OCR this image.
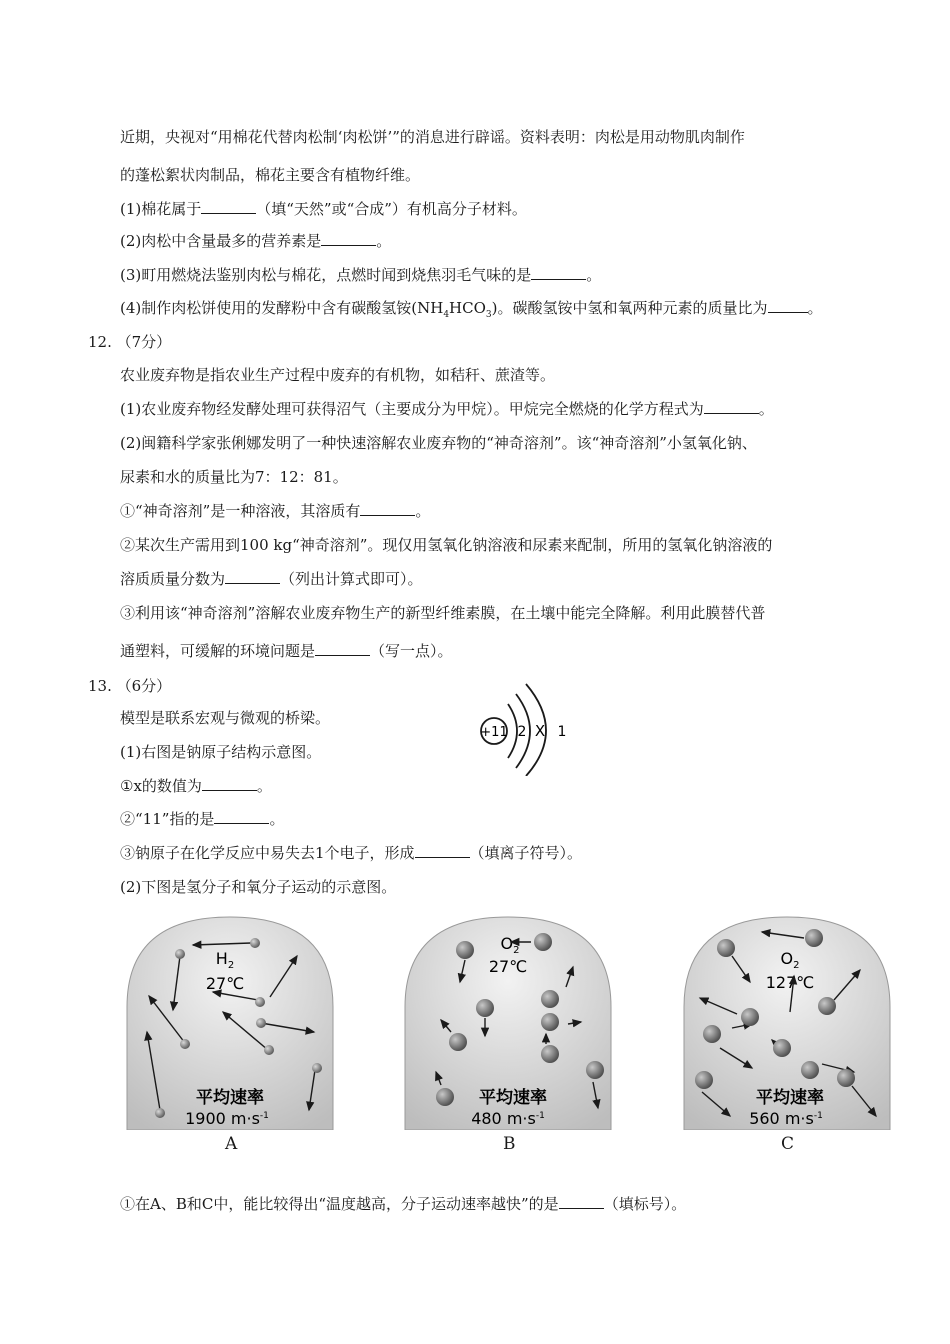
近期，央视对“用棉花代替肉松制‘肉松饼’”的消息进行辟谣。资料表明：肉松是用动物肌肉制作
的蓬松絮状肉制品，棉花主要含有植物纤维。
(1)棉花属于	（填“天然”或“合成”）有机高分子材料。
(2)肉松中含量最多的营养素是	。
(3)町用燃烧法鉴别肉松与棉花，点燃时闻到烧焦羽毛气味的是	。
(4)制作肉松饼使用的发酵粉中含有碳酸氢铵$(NH_4HCO_3)$。碳酸氢铵中氢和氧两种元素的质量比为	。
12. （7分）
农业废弃物是指农业生产过程中废弃的有机物，如秸秆、蔗渣等。
(1)农业废弃物经发酵处理可获得沼气（主要成分为甲烷）。甲烷完全燃烧的化学方程式为	。
(2)闽籍科学家张俐娜发明了一种快速溶解农业废弃物的“神奇溶剂”。该“神奇溶剂”小氢氧化钠、
尿素和水的质量比为7：12：81。
①“神奇溶剂”是一种溶液，其溶质有	。
②某次生产需用到100 kg“神奇溶剂”。现仅用氢氧化钠溶液和尿素来配制，所用的氢氧化钠溶液的
溶质质量分数为	（列出计算式即可）。
③利用该“神奇溶剂”溶解农业废弃物生产的新型纤维素膜，在土壤中能完全降解。利用此膜替代普
通塑料，可缓解的环境问题是	（写一点）。
13. （6分）
模型是联系宏观与微观的桥梁。
(1)右图是钠原子结构示意图。
①x的数值为	。
②“11”指的是	。
③钠原子在化学反应中易失去1个电子，形成	（填离子符号）。
(2)下图是氢分子和氧分子运动的示意图。
+11 2 X 1
$H_2$
27℃
平均速率
1900 $m\cdot s^{-1}$
A
$O_2$
27℃
平均速率
480 $m\cdot s^{-1}$
B
$O_2$
127℃
平均速率
560 $m\cdot s^{-1}$
C
①在A、B和C中，能比较得出“温度越高，分子运动速率越快”的是	（填标号）。
